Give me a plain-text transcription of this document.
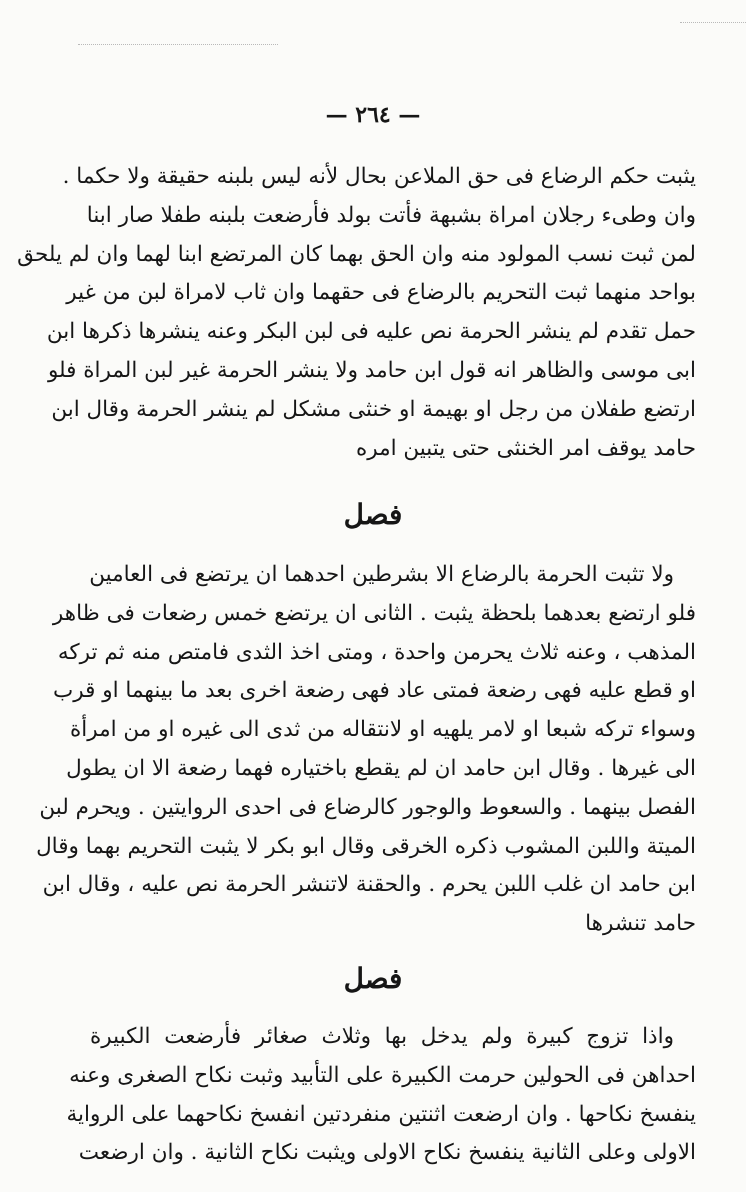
— ٢٦٤ —
يثبت حكم الرضاع فى حق الملاعن بحال لأنه ليس بلبنه حقيقة ولا حكما .
وان وطىء رجلان امراة بشبهة فأتت بولد فأرضعت بلبنه طفلا صار ابنا
لمن ثبت نسب المولود منه وان الحق بهما كان المرتضع ابنا لهما وان لم يلحق
بواحد منهما ثبت التحريم بالرضاع فى حقهما وان ثاب لامراة لبن من غير
حمل تقدم لم ينشر الحرمة نص عليه فى لبن البكر وعنه ينشرها ذكرها ابن
ابى موسى والظاهر انه قول ابن حامد ولا ينشر الحرمة غير لبن المراة فلو
ارتضع طفلان من رجل او بهيمة او خنثى مشكل لم ينشر الحرمة وقال ابن
حامد يوقف امر الخنثى حتى يتبين امره
فصل
ولا تثبت الحرمة بالرضاع الا بشرطين احدهما ان يرتضع فى العامين
فلو ارتضع بعدهما بلحظة يثبت . الثانى ان يرتضع خمس رضعات فى ظاهر
المذهب ، وعنه ثلاث يحرمن واحدة ، ومتى اخذ الثدى فامتص منه ثم تركه
او قطع عليه فهى رضعة فمتى عاد فهى رضعة اخرى بعد ما بينهما او قرب
وسواء تركه شبعا او لامر يلهيه او لانتقاله من ثدى الى غيره او من امرأة
الى غيرها . وقال ابن حامد ان لم يقطع باختياره فهما رضعة الا ان يطول
الفصل بينهما . والسعوط والوجور كالرضاع فى احدى الروايتين . ويحرم لبن
الميتة واللبن المشوب ذكره الخرقى وقال ابو بكر لا يثبت التحريم بهما وقال
ابن حامد ان غلب اللبن يحرم . والحقنة لاتنشر الحرمة نص عليه ، وقال ابن
حامد تنشرها
فصل
واذا تزوج كبيرة ولم يدخل بها وثلاث صغائر فأرضعت الكبيرة
احداهن فى الحولين حرمت الكبيرة على التأبيد وثبت نكاح الصغرى وعنه
ينفسخ نكاحها . وان ارضعت اثنتين منفردتين انفسخ نكاحهما على الرواية
الاولى وعلى الثانية ينفسخ نكاح الاولى ويثبت نكاح الثانية . وان ارضعت
